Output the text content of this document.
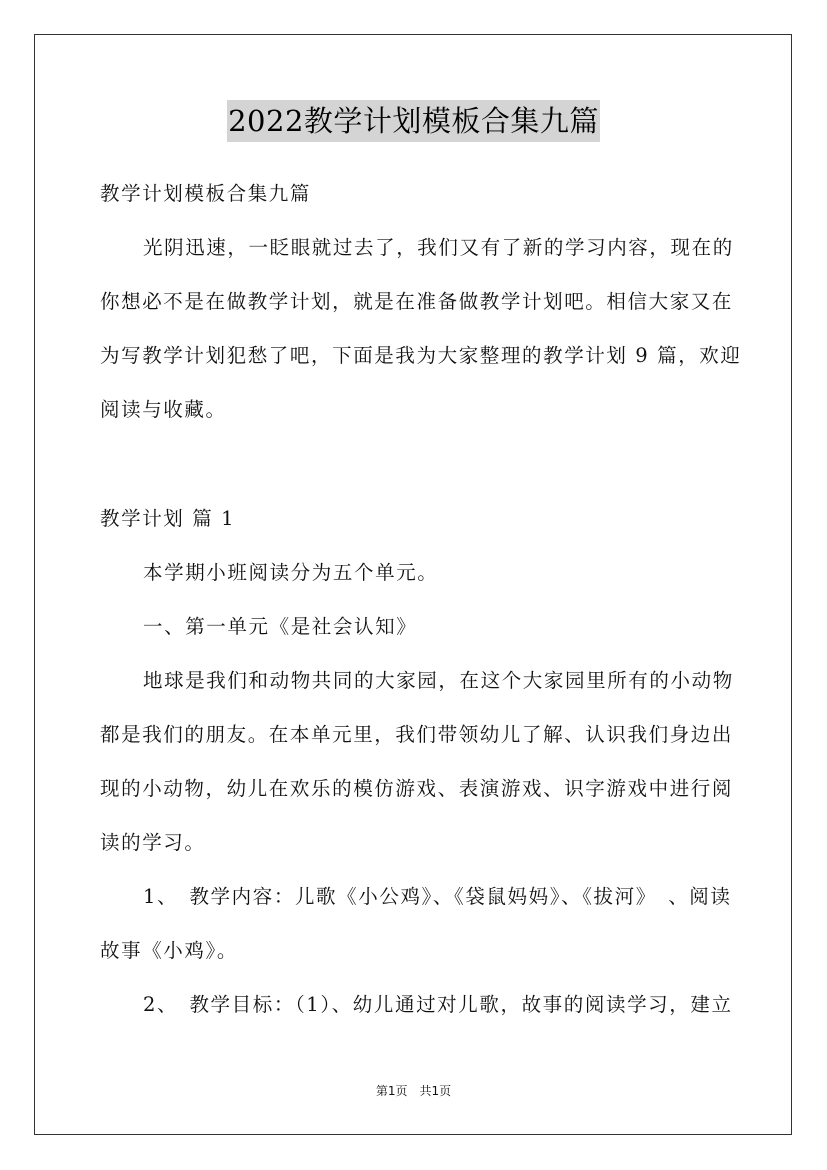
2022教学计划模板合集九篇
教学计划模板合集九篇
光阴迅速，一眨眼就过去了，我们又有了新的学习内容，现在的
你想必不是在做教学计划，就是在准备做教学计划吧。相信大家又在
为写教学计划犯愁了吧，下面是我为大家整理的教学计划 9 篇，欢迎
阅读与收藏。
教学计划 篇 1
本学期小班阅读分为五个单元。
一、第一单元《是社会认知》
地球是我们和动物共同的大家园，在这个大家园里所有的小动物
都是我们的朋友。在本单元里，我们带领幼儿了解、认识我们身边出
现的小动物，幼儿在欢乐的模仿游戏、表演游戏、识字游戏中进行阅
读的学习。
1、　教学内容：儿歌《小公鸡》、《袋鼠妈妈》、《拔河》　、阅读
故事《小鸡》。
2、　教学目标：（1）、幼儿通过对儿歌，故事的阅读学习，建立
第1页　共1页
